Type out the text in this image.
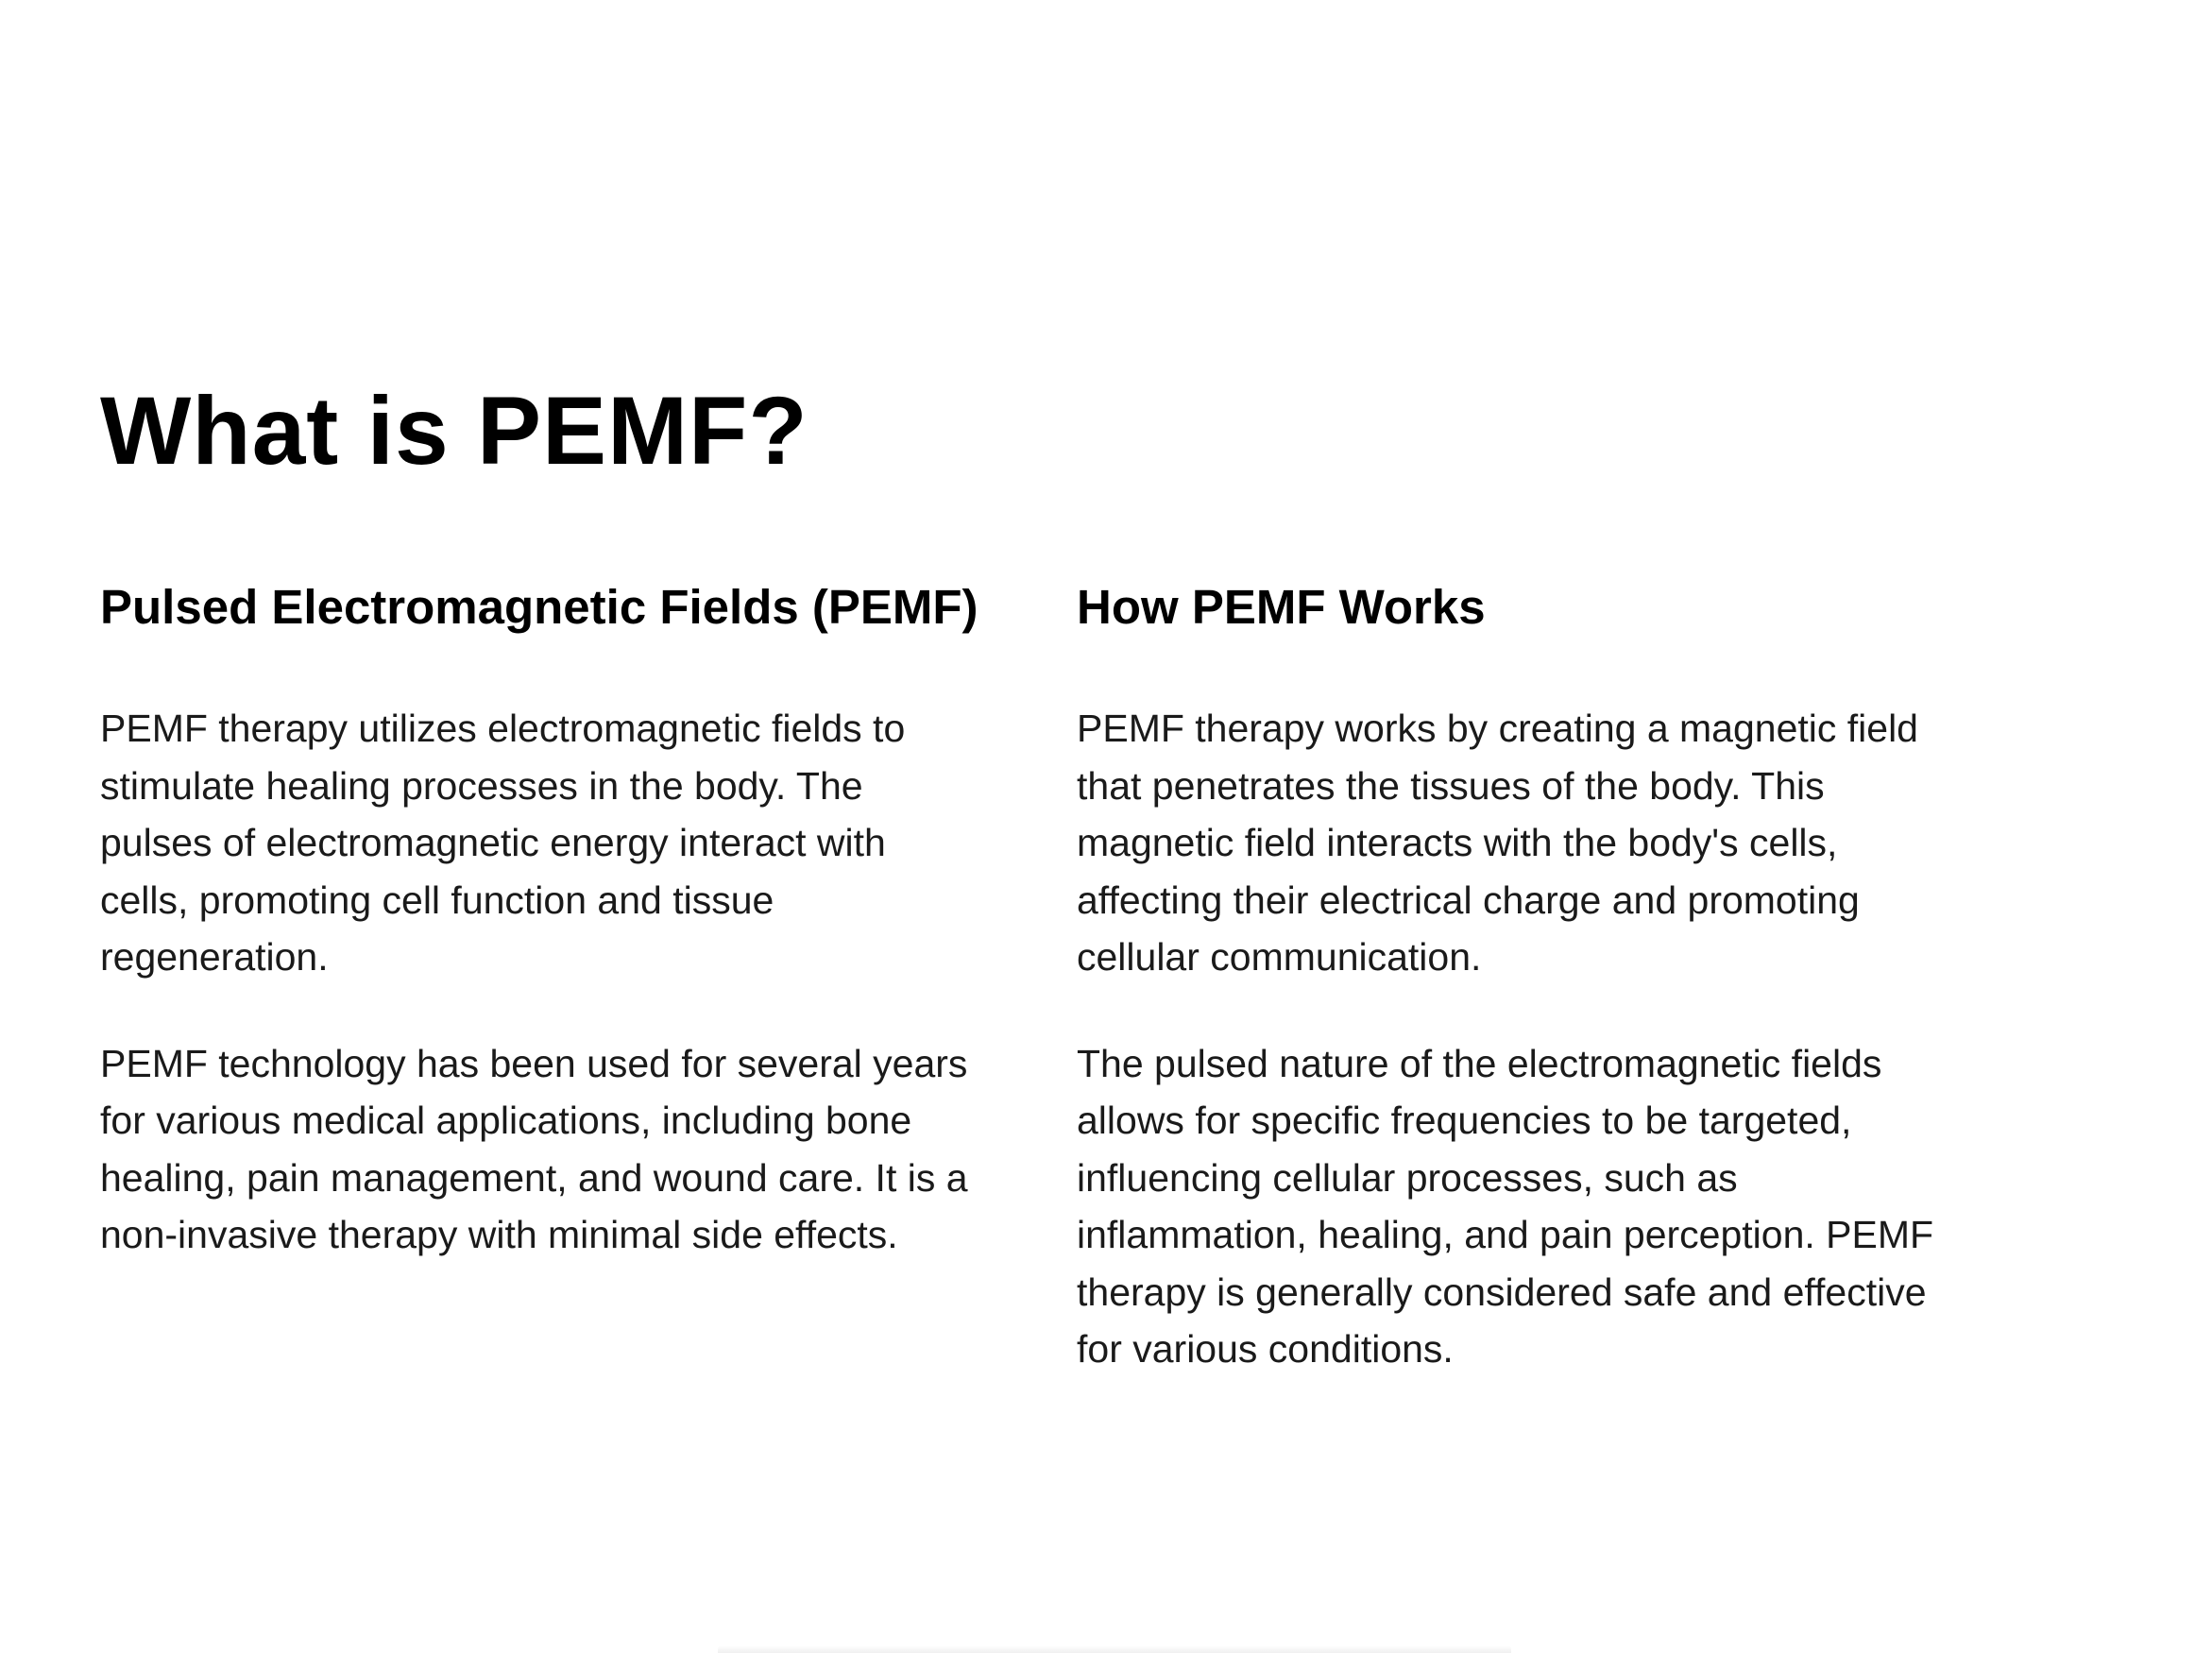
What is PEMF?
Pulsed Electromagnetic Fields (PEMF)

PEMF therapy utilizes electromagnetic fields to
stimulate healing processes in the body. The
pulses of electromagnetic energy interact with
cells, promoting cell function and tissue
regeneration.

PEMF technology has been used for several years
for various medical applications, including bone
healing, pain management, and wound care. It is a
non-invasive therapy with minimal side effects.

How PEMF Works

PEMF therapy works by creating a magnetic field
that penetrates the tissues of the body. This
magnetic field interacts with the body's cells,
affecting their electrical charge and promoting
cellular communication.

The pulsed nature of the electromagnetic fields
allows for specific frequencies to be targeted,
influencing cellular processes, such as
inflammation, healing, and pain perception. PEMF
therapy is generally considered safe and effective
for various conditions.
